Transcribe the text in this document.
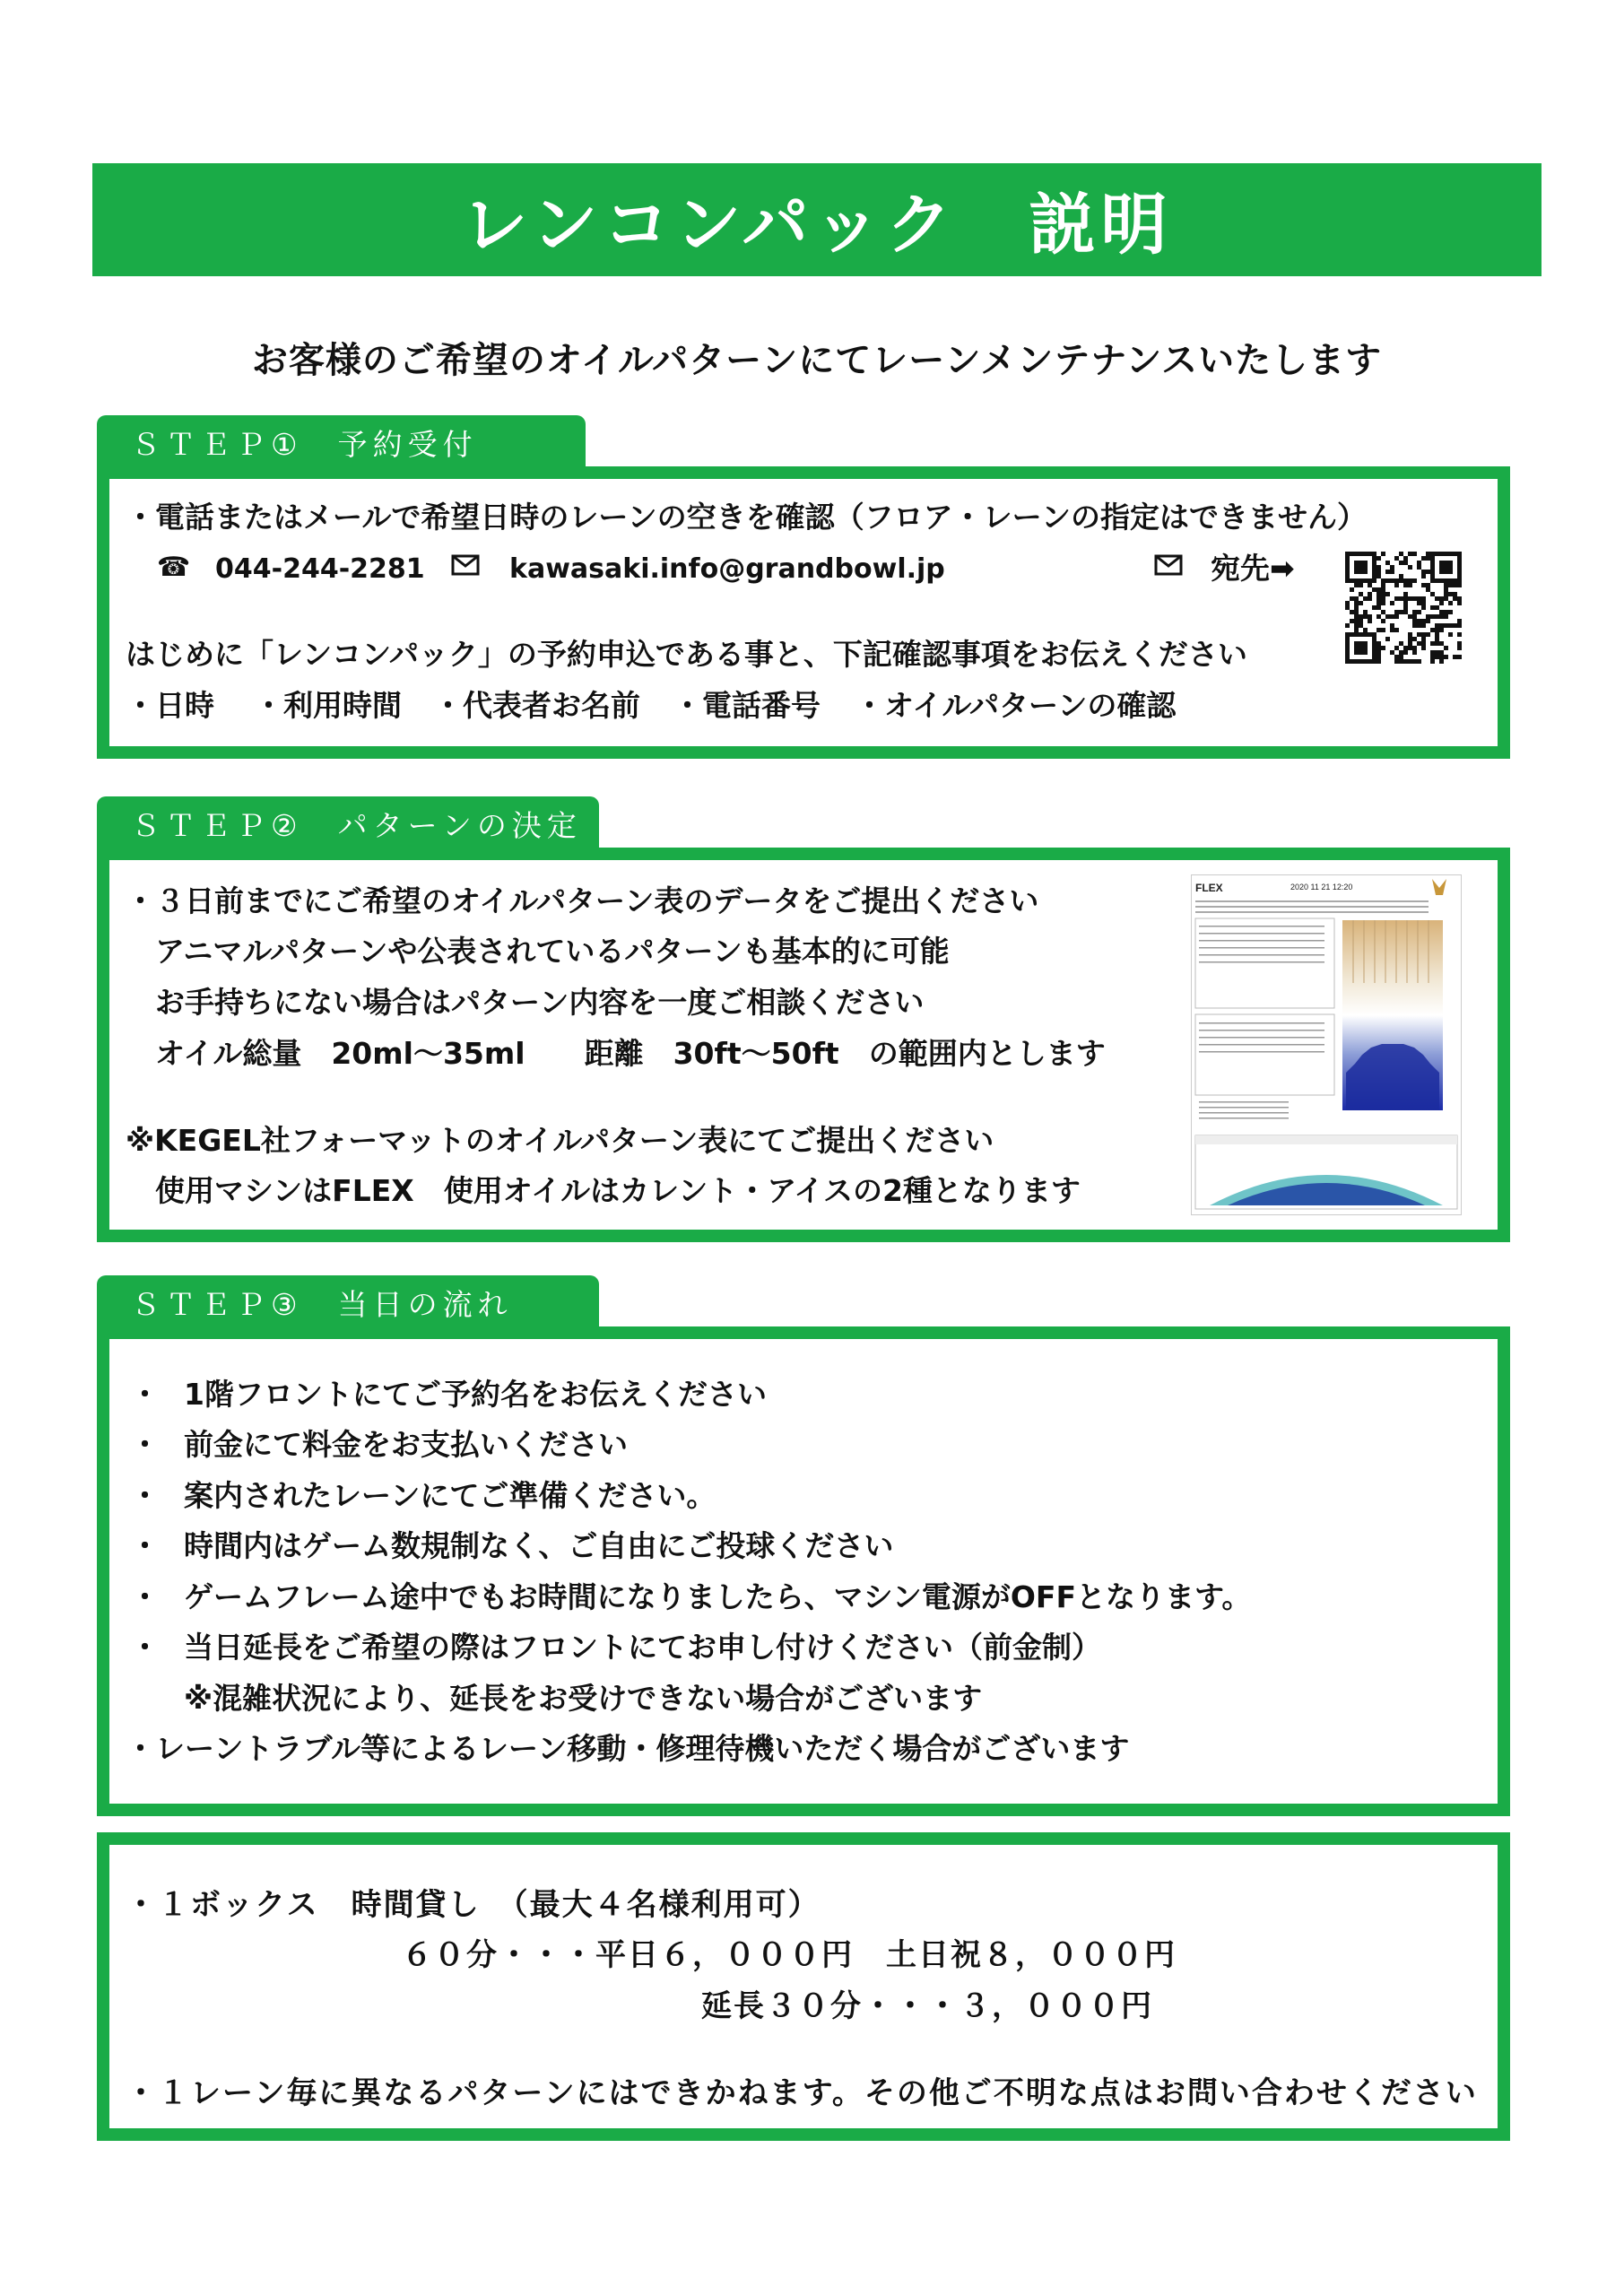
レンコンパック　説明
お客様のご希望のオイルパターンにてレーンメンテナンスいたします
ＳＴＥＰ①　予約受付
・電話またはメールで希望日時のレーンの空きを確認（フロア・レーンの指定はできません）
☎ 044-244-2281	kawasaki.info@grandbowl.jp	宛先➡
はじめに「レンコンパック」の予約申込である事と、下記確認事項をお伝えください
・日時 ・利用時間 ・代表者お名前 ・電話番号 ・オイルパターンの確認
ＳＴＥＰ②　パターンの決定
・３日前までにご希望のオイルパターン表のデータをご提出ください
　アニマルパターンや公表されているパターンも基本的に可能
　お手持ちにない場合はパターン内容を一度ご相談ください
　オイル総量　20ml～35ml　　距離　30ft～50ft　の範囲内とします
※KEGEL社フォーマットのオイルパターン表にてご提出ください
　使用マシンはFLEX　使用オイルはカレント・アイスの2種となります
FLEX	2020 11 21 12:20
ＳＴＥＰ③　当日の流れ
・ 1階フロントにてご予約名をお伝えください
・ 前金にて料金をお支払いください
・ 案内されたレーンにてご準備ください。
・ 時間内はゲーム数規制なく、ご自由にご投球ください
・ ゲームフレーム途中でもお時間になりましたら、マシン電源がOFFとなります。
・ 当日延長をご希望の際はフロントにてお申し付けください（前金制）
※混雑状況により、延長をお受けできない場合がございます
・レーントラブル等によるレーン移動・修理待機いただく場合がございます
・１ボックス　時間貸し　（最大４名様利用可）
６０分・・・平日６，０００円　土日祝８，０００円
延長３０分・・・３，０００円
・１レーン毎に異なるパターンにはできかねます。その他ご不明な点はお問い合わせください
